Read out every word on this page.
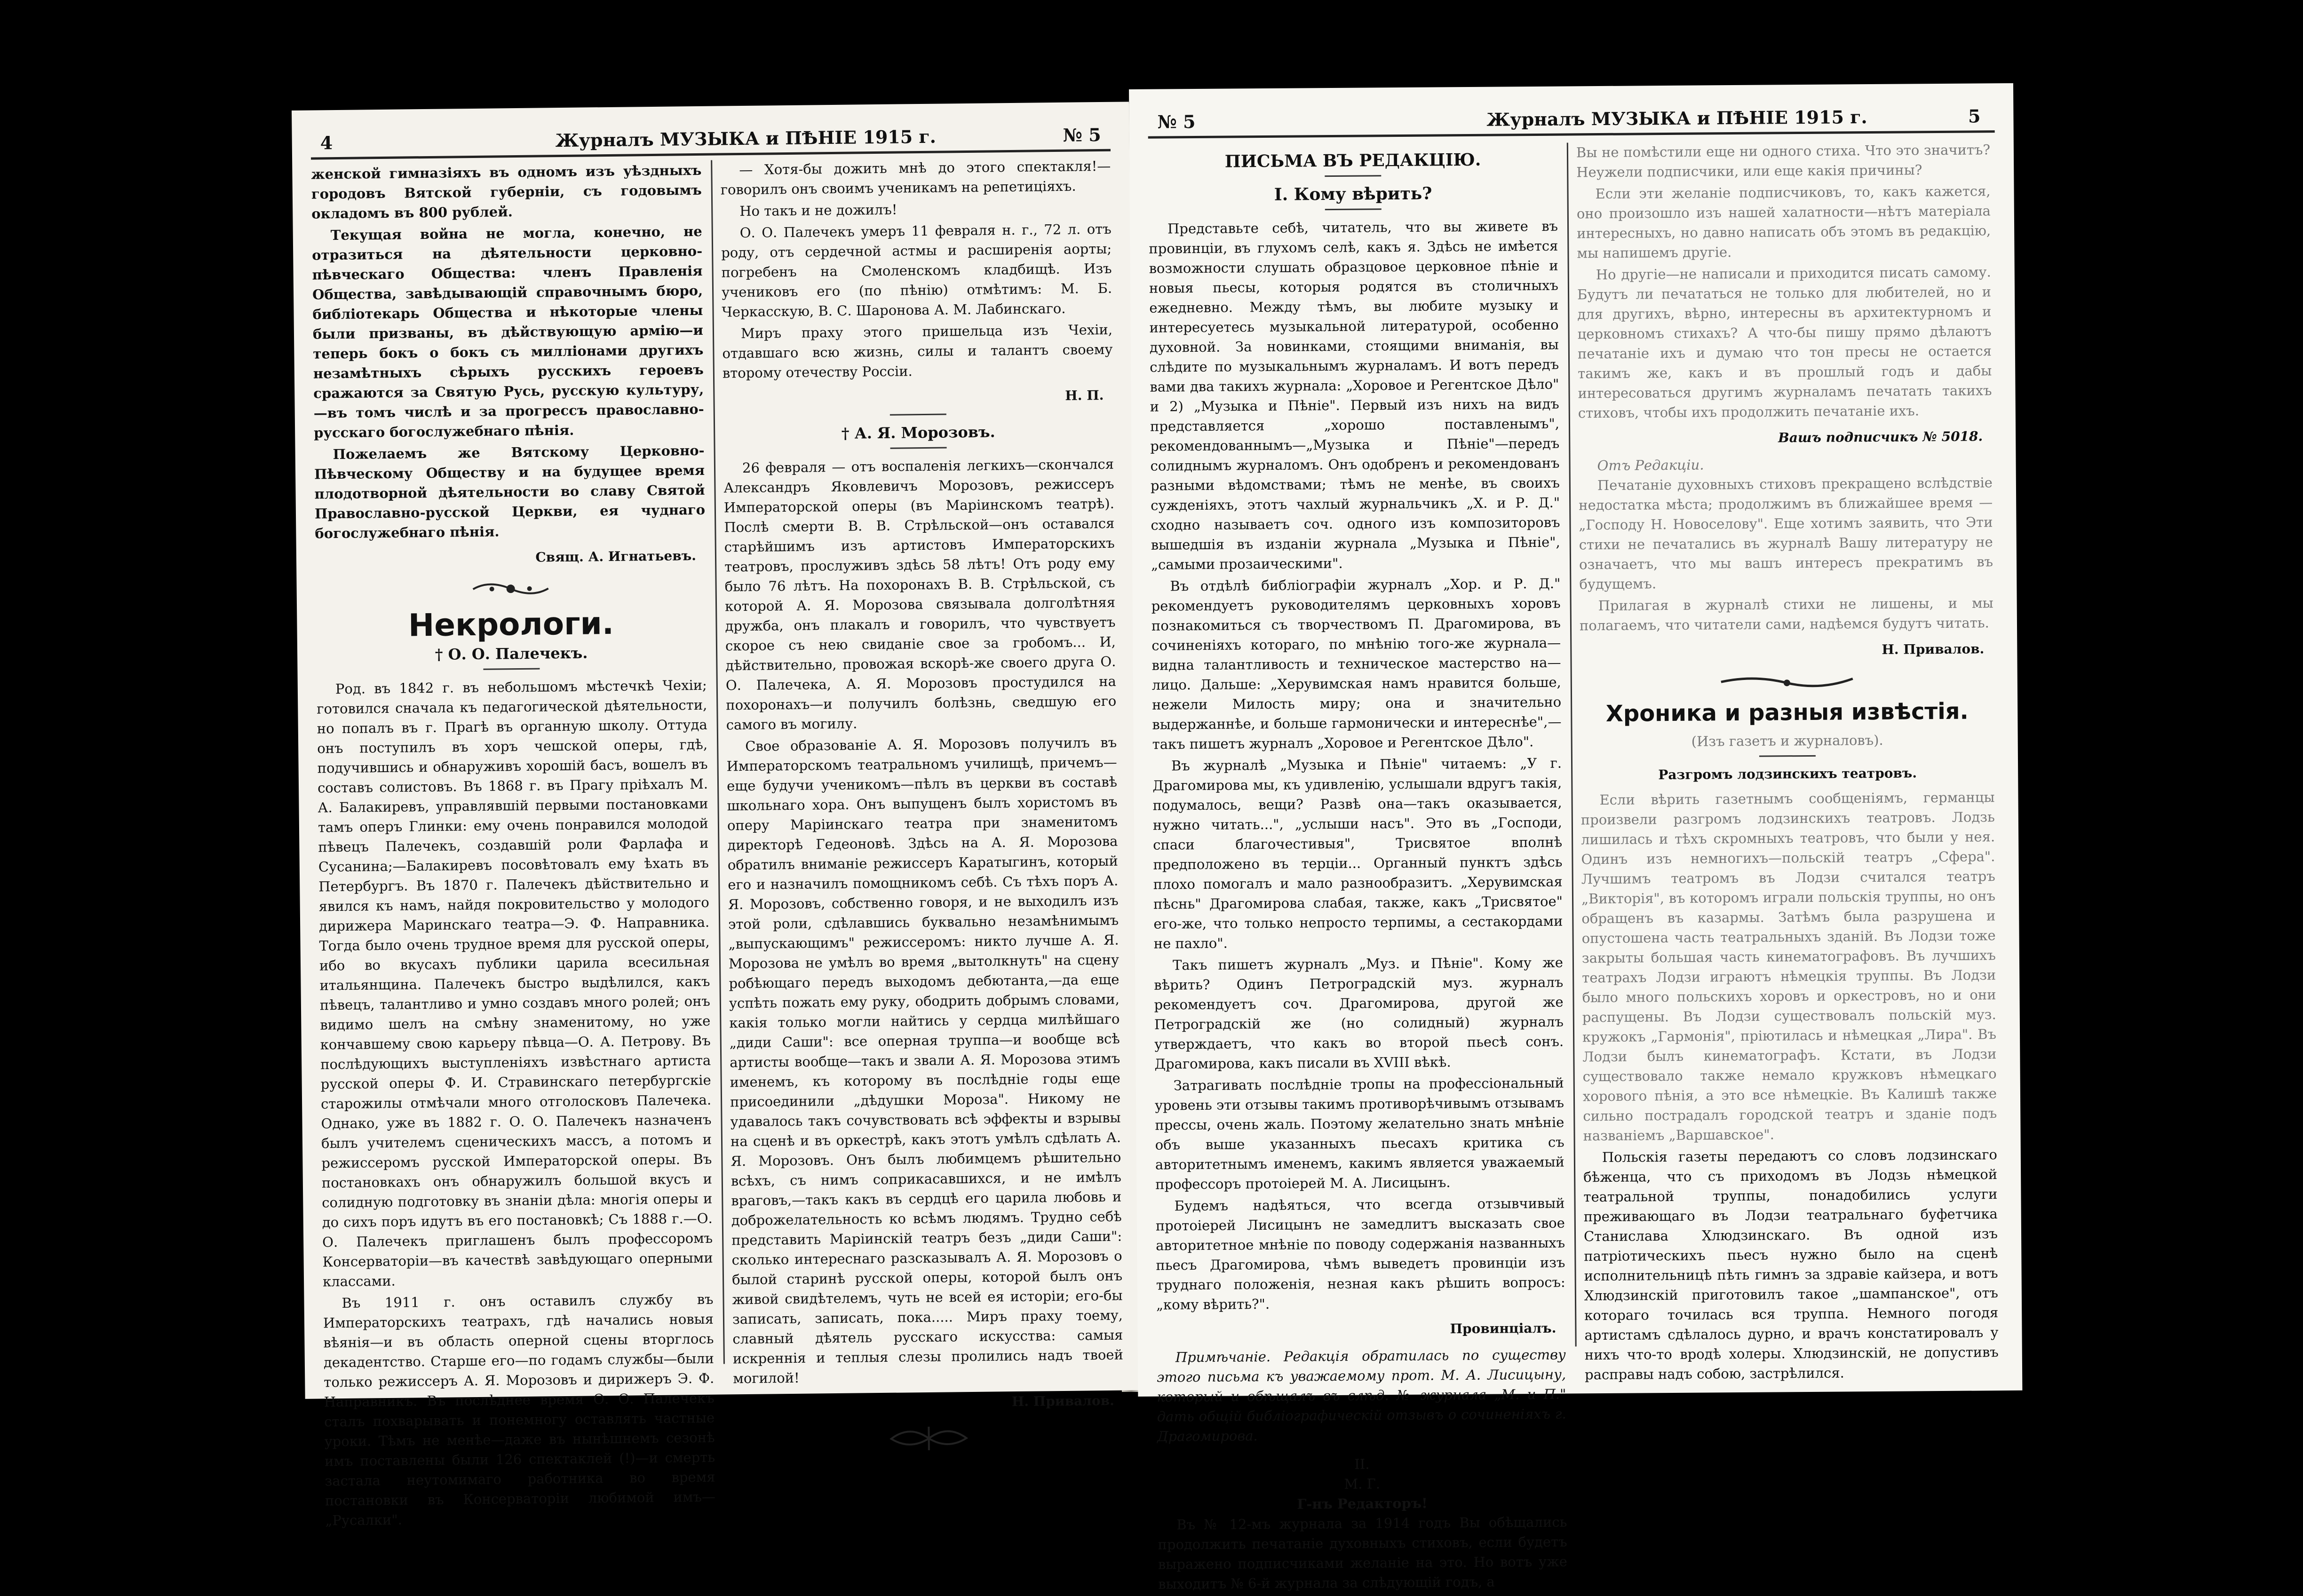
4	Журналъ МУЗЫКА и ПѢНІЕ 1915 г.	№ 5

женской гимназіяхъ въ одномъ изъ уѣздныхъ городовъ Вятской губерніи, съ годовымъ окладомъ въ 800 рублей.

Текущая война не могла, конечно, не отразиться на дѣятельности церковно-пѣвческаго Общества: членъ Правленія Общества, завѣдывающій справочнымъ бюро, библіотекарь Общества и нѣкоторые члены были призваны, въ дѣйствующую армію—и теперь бокъ о бокъ съ милліонами другихъ незамѣтныхъ сѣрыхъ русскихъ героевъ сражаются за Святую Русь, русскую культуру,—въ томъ числѣ и за прогрессъ православно-русскаго богослужебнаго пѣнія.

Пожелаемъ же Вятскому Церковно-Пѣвческому Обществу и на будущее время плодотворной дѣятельности во славу Святой Православно-русской Церкви, ея чуднаго богослужебнаго пѣнія.

Свящ. А. Игнатьевъ.
Некрологи.
† О. О. Палечекъ.

Род. въ 1842 г. въ небольшомъ мѣстечкѣ Чехіи; готовился сначала къ педагогической дѣятельности, но попалъ въ г. Прагѣ въ органную школу. Оттуда онъ поступилъ въ хоръ чешской оперы, гдѣ, подучившись и обнаруживъ хорошій басъ, вошелъ въ составъ солистовъ. Въ 1868 г. въ Прагу пріѣхалъ М. А. Балакиревъ, управлявшій первыми постановками тамъ оперъ Глинки: ему очень понравился молодой пѣвецъ Палечекъ, создавшій роли Фарлафа и Сусанина;—Балакиревъ посовѣтовалъ ему ѣхать въ Петербургъ. Въ 1870 г. Палечекъ дѣйствительно и явился къ намъ, найдя покровительство у молодого дирижера Маринскаго театра—Э. Ф. Направника. Тогда было очень трудное время для русской оперы, ибо во вкусахъ публики царила всесильная итальянщина. Палечекъ быстро выдѣлился, какъ пѣвецъ, талантливо и умно создавъ много ролей; онъ видимо шелъ на смѣну знаменитому, но уже кончавшему свою карьеру пѣвца—О. А. Петрову. Въ послѣдующихъ выступленіяхъ извѣстнаго артиста русской оперы Ф. И. Стравинскаго петербургскіе старожилы отмѣчали много отголосковъ Палечека. Однако, уже въ 1882 г. О. О. Палечекъ назначенъ былъ учителемъ сценическихъ массъ, а потомъ и режиссеромъ русской Императорской оперы. Въ постановкахъ онъ обнаружилъ большой вкусъ и солидную подготовку въ знаніи дѣла: многія оперы и до сихъ поръ идутъ въ его постановкѣ; Съ 1888 г.—О. О. Палечекъ приглашенъ былъ профессоромъ Консерваторіи—въ качествѣ завѣдующаго оперными классами.

Въ 1911 г. онъ оставилъ службу въ Императорскихъ театрахъ, гдѣ начались новыя вѣянія—и въ область оперной сцены вторглось декадентство. Старше его—по годамъ службы—были только режиссеръ А. Я. Морозовъ и дирижеръ Э. Ф. Направникъ. Въ послѣднее время О. О. Палечекъ сталъ похварывать и понемногу оставлять частные уроки. Тѣмъ не менѣе—даже въ нынѣшнемъ сезонѣ имъ поставлены были 126 спектаклей (!)—и смерть застала неутомимаго работника во время постановки въ Консерваторіи любимой имъ—„Русалки".

— Хотя-бы дожить мнѣ до этого спектакля!—говорилъ онъ своимъ ученикамъ на репетиціяхъ.

Но такъ и не дожилъ!

О. О. Палечекъ умеръ 11 февраля н. г., 72 л. отъ роду, отъ сердечной астмы и расширенія аорты; погребенъ на Смоленскомъ кладбищѣ. Изъ учениковъ его (по пѣнію) отмѣтимъ: М. Б. Черкасскую, В. С. Шаронова А. М. Лабинскаго.

Миръ праху этого пришельца изъ Чехіи, отдавшаго всю жизнь, силы и талантъ своему второму отечеству Россіи.

Н. П.
† А. Я. Морозовъ.

26 февраля — отъ воспаленія легкихъ—скончался Александръ Яковлевичъ Морозовъ, режиссеръ Императорской оперы (въ Маріинскомъ театрѣ). Послѣ смерти В. В. Стрѣльской—онъ оставался старѣйшимъ изъ артистовъ Императорскихъ театровъ, прослуживъ здѣсь 58 лѣтъ! Отъ роду ему было 76 лѣтъ. На похоронахъ В. В. Стрѣльской, съ которой А. Я. Морозова связывала долголѣтняя дружба, онъ плакалъ и говорилъ, что чувствуетъ скорое съ нею свиданіе свое за гробомъ... И, дѣйствительно, провожая вскорѣ-же своего друга О. О. Палечека, А. Я. Морозовъ простудился на похоронахъ—и получилъ болѣзнь, сведшую его самого въ могилу.

Свое образованіе А. Я. Морозовъ получилъ въ Императорскомъ театральномъ училищѣ, причемъ—еще будучи ученикомъ—пѣлъ въ церкви въ составѣ школьнаго хора. Онъ выпущенъ былъ хористомъ въ оперу Маріинскаго театра при знаменитомъ директорѣ Гедеоновѣ. Здѣсь на А. Я. Морозова обратилъ вниманіе режиссеръ Каратыгинъ, который его и назначилъ помощникомъ себѣ. Съ тѣхъ поръ А. Я. Морозовъ, собственно говоря, и не выходилъ изъ этой роли, сдѣлавшись буквально незамѣнимымъ „выпускающимъ" режиссеромъ: никто лучше А. Я. Морозова не умѣлъ во время „вытолкнуть" на сцену робѣющаго передъ выходомъ дебютанта,—да еще успѣть пожать ему руку, ободрить добрымъ словами, какія только могли найтись у сердца милѣйшаго „диди Саши": все оперная труппа—и вообще всѣ артисты вообще—такъ и звали А. Я. Морозова этимъ именемъ, къ которому въ послѣдніе годы еще присоединили „дѣдушки Мороза". Никому не удавалось такъ сочувствовать всѣ эффекты и взрывы на сценѣ и въ оркестрѣ, какъ этотъ умѣлъ сдѣлать А. Я. Морозовъ. Онъ былъ любимцемъ рѣшительно всѣхъ, съ нимъ соприкасавшихся, и не имѣлъ враговъ,—такъ какъ въ сердцѣ его царила любовь и доброжелательность ко всѣмъ людямъ. Трудно себѣ представить Маріинскій театръ безъ „диди Саши": сколько интереснаго разсказывалъ А. Я. Морозовъ о былой старинѣ русской оперы, которой былъ онъ живой свидѣтелемъ, чуть не всей ея исторіи; его-бы записать, записать, пока..... Миръ праху тоему, славный дѣятель русскаго искусства: самыя искреннія и теплыя слезы пролились надъ твоей могилой!

Н. Привалов.
№ 5	Журналъ МУЗЫКА и ПѢНІЕ 1915 г.	5
ПИСЬМА ВЪ РЕДАКЦІЮ.
I. Кому вѣрить?

Представьте себѣ, читатель, что вы живете въ провинціи, въ глухомъ селѣ, какъ я. Здѣсь не имѣется возможности слушать образцовое церковное пѣніе и новыя пьесы, которыя родятся въ столичныхъ ежедневно. Между тѣмъ, вы любите музыку и интересуетесь музыкальной литературой, особенно духовной. За новинками, стоящими вниманія, вы слѣдите по музыкальнымъ журналамъ. И вотъ передъ вами два такихъ журнала: „Хоровое и Регентское Дѣло" и 2) „Музыка и Пѣніе". Первый изъ нихъ на видъ представляется „хорошо поставленымъ", рекомендованнымъ—„Музыка и Пѣніе"—передъ солиднымъ журналомъ. Онъ одобренъ и рекомендованъ разными вѣдомствами; тѣмъ не менѣе, въ своихъ сужденіяхъ, этотъ чахлый журнальчикъ „Х. и Р. Д." сходно называетъ соч. одного изъ композиторовъ вышедшія въ изданіи журнала „Музыка и Пѣніе", „самыми прозаическими".

Въ отдѣлѣ библіографіи журналъ „Хор. и Р. Д." рекомендуетъ руководителямъ церковныхъ хоровъ познакомиться съ творчествомъ П. Драгомирова, въ сочиненіяхъ котораго, по мнѣнію того-же журнала—видна талантливость и техническое мастерство на—лицо. Дальше: „Херувимская намъ нравится больше, нежели Милость миру; она и значительно выдержаннѣе, и больше гармонически и интереснѣе",—такъ пишетъ журналъ „Хоровое и Регентское Дѣло".

Въ журналѣ „Музыка и Пѣніе" читаемъ: „У г. Драгомирова мы, къ удивленію, услышали вдругъ такія, подумалось, вещи? Развѣ она—такъ оказывается, нужно читать...", „услыши насъ". Это въ „Господи, спаси благочестивыя", Трисвятое вполнѣ предположено въ терціи... Органный пунктъ здѣсь плохо помогалъ и мало разнообразитъ. „Херувимская пѣснь" Драгомирова слабая, также, какъ „Трисвятое" его-же, что только непросто терпимы, а сестакордами не пахло".

Такъ пишетъ журналъ „Муз. и Пѣніе". Кому же вѣрить? Одинъ Петроградскій муз. журналъ рекомендуетъ соч. Драгомирова, другой же Петроградскій же (но солидный) журналъ утверждаетъ, что какъ во второй пьесѣ сонъ. Драгомирова, какъ писали въ XVIII вѣкѣ.

Затрагивать послѣдніе тропы на профессіональный уровень эти отзывы такимъ противорѣчивымъ отзывамъ прессы, очень жаль. Поэтому желательно знать мнѣніе объ выше указанныхъ пьесахъ критика съ авторитетнымъ именемъ, какимъ является уважаемый профессоръ протоіерей М. А. Лисицынъ.

Будемъ надѣяться, что всегда отзывчивый протоіерей Лисицынъ не замедлитъ высказать свое авторитетное мнѣніе по поводу содержанія названныхъ пьесъ Драгомирова, чѣмъ выведетъ провинціи изъ труднаго положенія, незная какъ рѣшить вопросъ: „кому вѣрить?".

Провинціалъ.

Примѣчаніе. Редакція обратилась по существу этого письма къ уважаемому прот. М. А. Лисицыну, который и обѣщалъ въ слѣд. № журнала „М. и П." дать общій библіографическій отзывъ о сочиненіяхъ г. Драгомирова.

II.
М. Г.
Г-нъ Редакторъ!

Въ № 12-мъ журнала за 1914 годъ Вы обѣщались продолжить печатаніе духовныхъ стиховъ, если будетъ выражено подписчиками желаніе на это. Но вотъ уже выходитъ № 6-й журнала за слѣдующій годъ, а

Вы не помѣстили еще ни одного стиха. Что это значитъ? Неужели подписчики, или еще какія причины?

Если эти желаніе подписчиковъ, то, какъ кажется, оно произошло изъ нашей халатности—нѣтъ матеріала интересныхъ, но давно написать объ этомъ въ редакцію, мы напишемъ другіе.

Но другіе—не написали и приходится писать самому. Будутъ ли печататься не только для любителей, но и для другихъ, вѣрно, интересны въ архитектурномъ и церковномъ стихахъ? А что-бы пишу прямо дѣлаютъ печатаніе ихъ и думаю что тон пресы не остается такимъ же, какъ и въ прошлый годъ и дабы интересоваться другимъ журналамъ печатать такихъ стиховъ, чтобы ихъ продолжить печатаніе ихъ.

Вашъ подписчикъ № 5018.
Отъ Редакціи.

Печатаніе духовныхъ стиховъ прекращено вслѣдствіе недостатка мѣста; продолжимъ въ ближайшее время — „Господу Н. Новоселову". Еще хотимъ заявить, что Эти стихи не печатались въ журналѣ Вашу литературу не означаетъ, что мы вашъ интересъ прекратимъ въ будущемъ.

Прилагая в журналѣ стихи не лишены, и мы полагаемъ, что читатели сами, надѣемся будутъ читать.

Н. Привалов.
Хроника и разныя извѣстія.
(Изъ газетъ и журналовъ).
Разгромъ лодзинскихъ театровъ.

Если вѣрить газетнымъ сообщеніямъ, германцы произвели разгромъ лодзинскихъ театровъ. Лодзь лишилась и тѣхъ скромныхъ театровъ, что были у нея. Одинъ изъ немногихъ—польскій театръ „Сфера". Лучшимъ театромъ въ Лодзи считался театръ „Викторія", въ которомъ играли польскія труппы, но онъ обращенъ въ казармы. Затѣмъ была разрушена и опустошена часть театральныхъ зданій. Въ Лодзи тоже закрыты большая часть кинематографовъ. Въ лучшихъ театрахъ Лодзи играютъ нѣмецкія труппы. Въ Лодзи было много польскихъ хоровъ и оркестровъ, но и они распущены. Въ Лодзи существовалъ польскій муз. кружокъ „Гармонія", пріютилась и нѣмецкая „Лира". Въ Лодзи былъ кинематографъ. Кстати, въ Лодзи существовало также немало кружковъ нѣмецкаго хорового пѣнія, а это все нѣмецкіе. Въ Калишѣ также сильно пострадалъ городской театръ и зданіе подъ названіемъ „Варшавское".

Польскія газеты передаютъ со словъ лодзинскаго бѣженца, что съ приходомъ въ Лодзь нѣмецкой театральной труппы, понадобились услуги преживающаго въ Лодзи театральнаго буфетчика Станислава Хлюдзинскаго. Въ одной изъ патріотическихъ пьесъ нужно было на сценѣ исполнительницѣ пѣть гимнъ за здравіе кайзера, и вотъ Хлюдзинскій приготовилъ такое „шампанское", отъ котораго точилась вся труппа. Немного погодя артистамъ сдѣлалось дурно, и врачъ констатировалъ у нихъ что-то вродѣ холеры. Хлюдзинскій, не допустивъ расправы надъ собою, застрѣлился.
